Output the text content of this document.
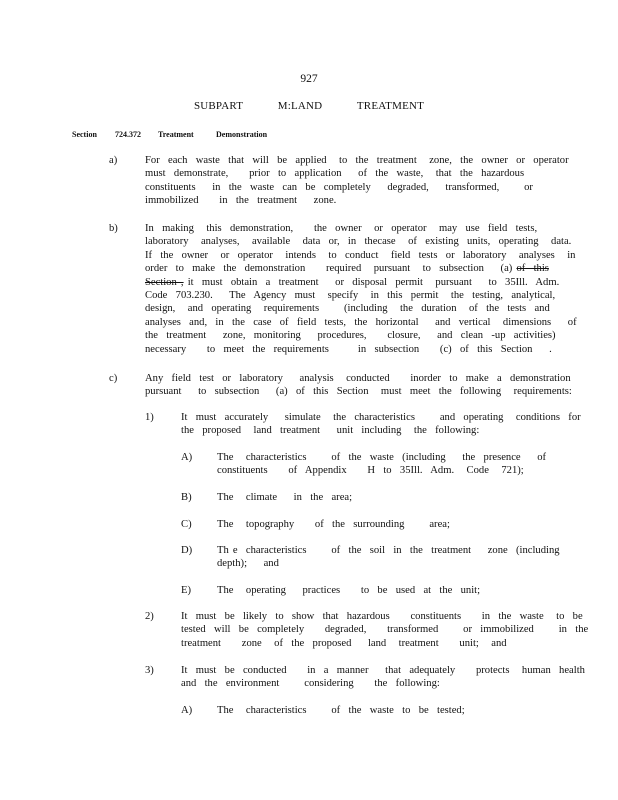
927
SUBPART     M:LAND     TREATMENT
Section 724.372 Treatment	Demonstration
a)	For  each  waste  that  will  be  applied   to  the  treatment   zone,  the  owner  or  operator
must  demonstrate,     prior  to  application    of  the  waste,   that  the  hazardous
constituents    in  the  waste  can  be  completely    degraded,    transformed,      or
immobilized     in  the  treatment    zone.
b)	In  making   this  demonstration,     the  owner   or  operator   may  use  field  tests,
laboratory   analyses,   available   data  or,  in  thecase   of  existing  units,  operating   data.
If  the  owner   or  operator   intends   to  conduct   field  tests  or  laboratory   analyses   in
order  to  make  the  demonstration     required   pursuant   to  subsection    (a) of  this
Section , it  must  obtain  a  treatment    or  disposal  permit   pursuant    to  35Ill.  Adm.
Code  703.230.    The  Agency  must   specify   in  this  permit   the  testing,  analytical,
design,   and  operating   requirements      (including   the  duration   of  the  tests  and
analyses  and,  in  the  case  of  field  tests,  the  horizontal    and  vertical   dimensions    of
the  treatment    zone,  monitoring    procedures,     closure,    and  clean  -up  activities)
necessary     to  meet  the  requirements       in  subsection     (c)  of  this  Section    .
c)	Any  field  test  or  laboratory    analysis   conducted     inorder  to  make  a  demonstration
pursuant    to  subsection    (a)  of  this  Section   must  meet  the  following   requirements:
1)	It  must  accurately    simulate   the  characteristics      and  operating   conditions  for
the  proposed   land  treatment    unit  including   the  following:
A) The   characteristics      of  the  waste  (including    the  presence    of
constituents     of  Appendix     H  to  35Ill.  Adm.   Code   721);
B) The   climate    in  the  area;
C) The   topography     of  the  surrounding      area;
D) Th e  characteristics      of  the  soil  in  the  treatment    zone  (including
depth);    and
E) The   operating    practices     to  be  used  at  the  unit;
2)	It  must  be  likely  to  show  that  hazardous     constituents     in  the  waste   to  be
tested  will  be  completely     degraded,     transformed      or  immobilized      in  the
treatment     zone   of  the  proposed    land   treatment     unit;   and
3)	It  must  be  conducted     in  a  manner    that  adequately     protects   human  health
and  the  environment      considering     the  following:
A) The   characteristics      of  the  waste  to  be  tested;
